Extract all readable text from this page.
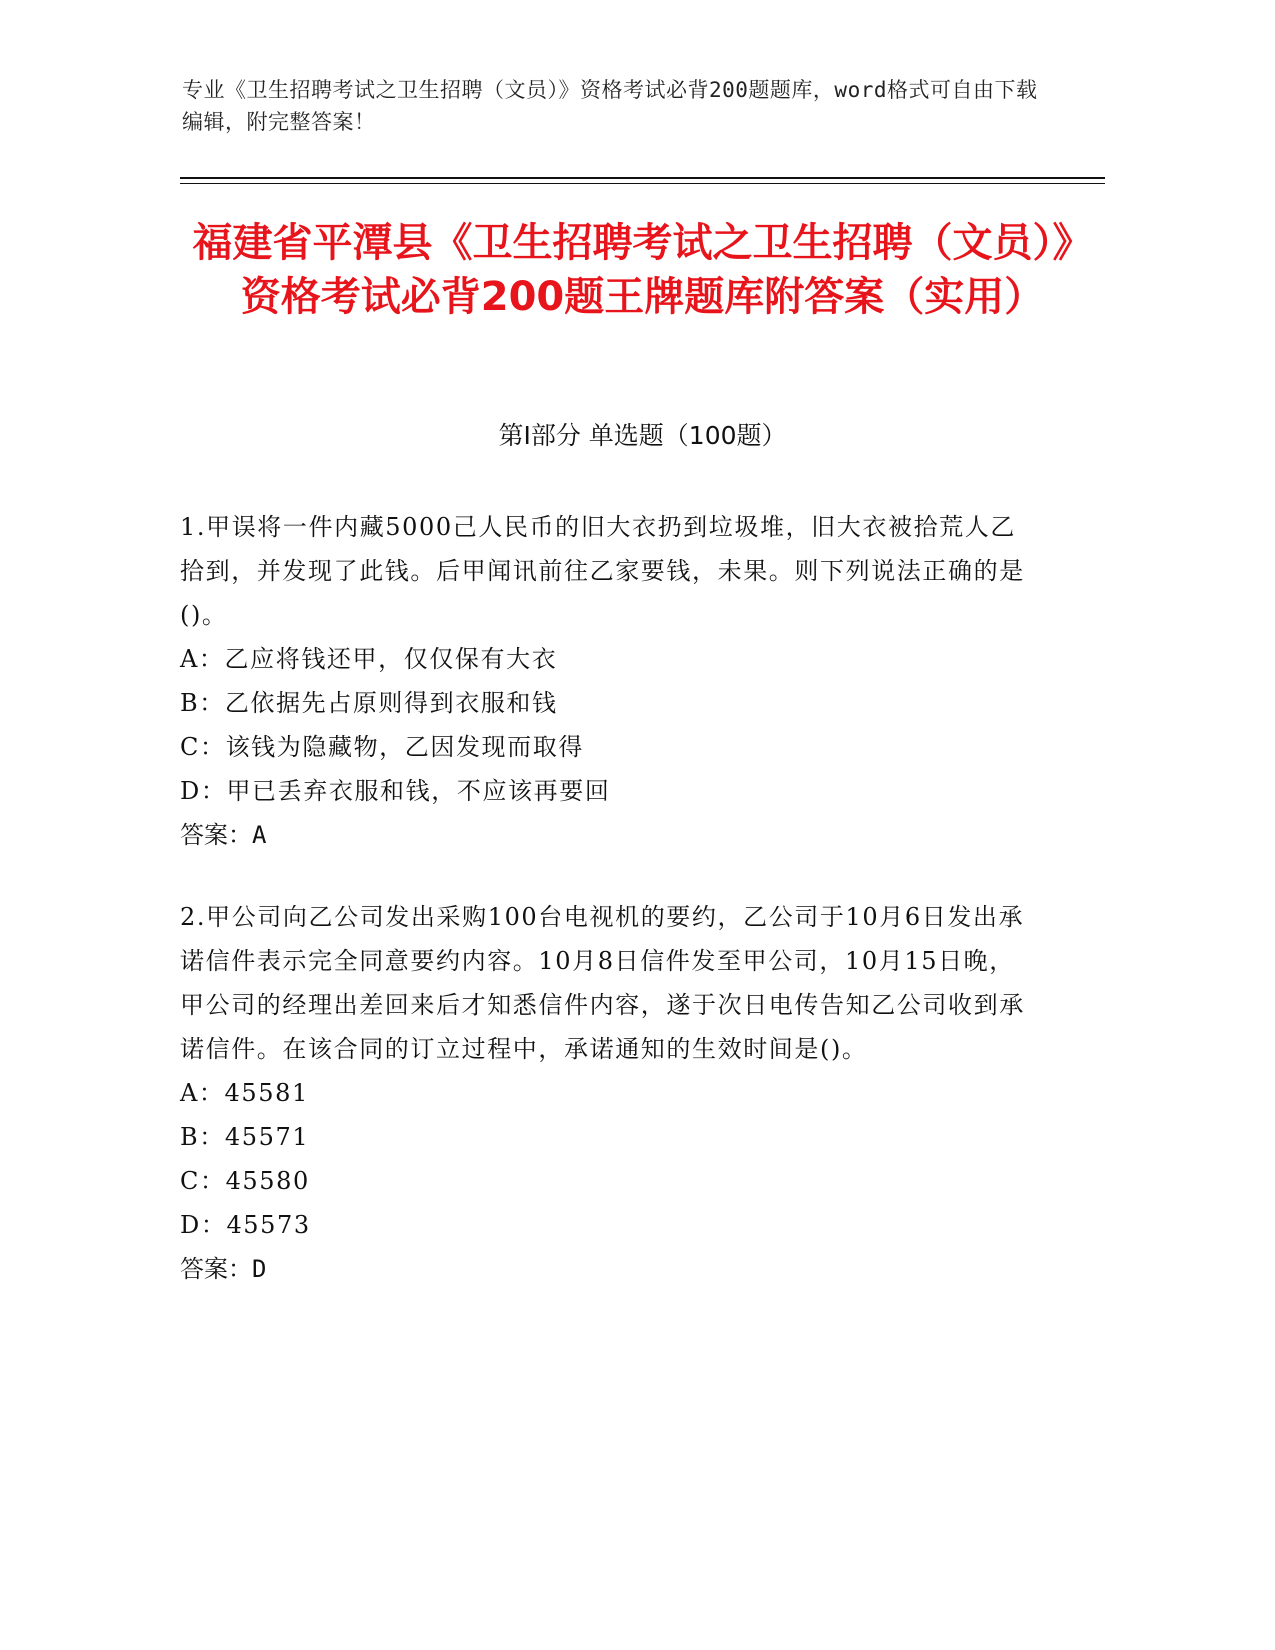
专业《卫生招聘考试之卫生招聘（文员）》资格考试必背200题题库，word格式可自由下载编辑，附完整答案！
福建省平潭县《卫生招聘考试之卫生招聘（文员）》资格考试必背200题王牌题库附答案（实用）
第I部分 单选题（100题）

1.甲误将一件内藏5000己人民币的旧大衣扔到垃圾堆，旧大衣被拾荒人乙拾到，并发现了此钱。后甲闻讯前往乙家要钱，未果。则下列说法正确的是()。

A：乙应将钱还甲，仅仅保有大衣
B：乙依据先占原则得到衣服和钱
C：该钱为隐藏物，乙因发现而取得
D：甲已丢弃衣服和钱，不应该再要回

答案：A

2.甲公司向乙公司发出采购100台电视机的要约，乙公司于10月6日发出承诺信件表示完全同意要约内容。10月8日信件发至甲公司，10月15日晚，甲公司的经理出差回来后才知悉信件内容，遂于次日电传告知乙公司收到承诺信件。在该合同的订立过程中，承诺通知的生效时间是()。

A：45581
B：45571
C：45580
D：45573

答案：D
